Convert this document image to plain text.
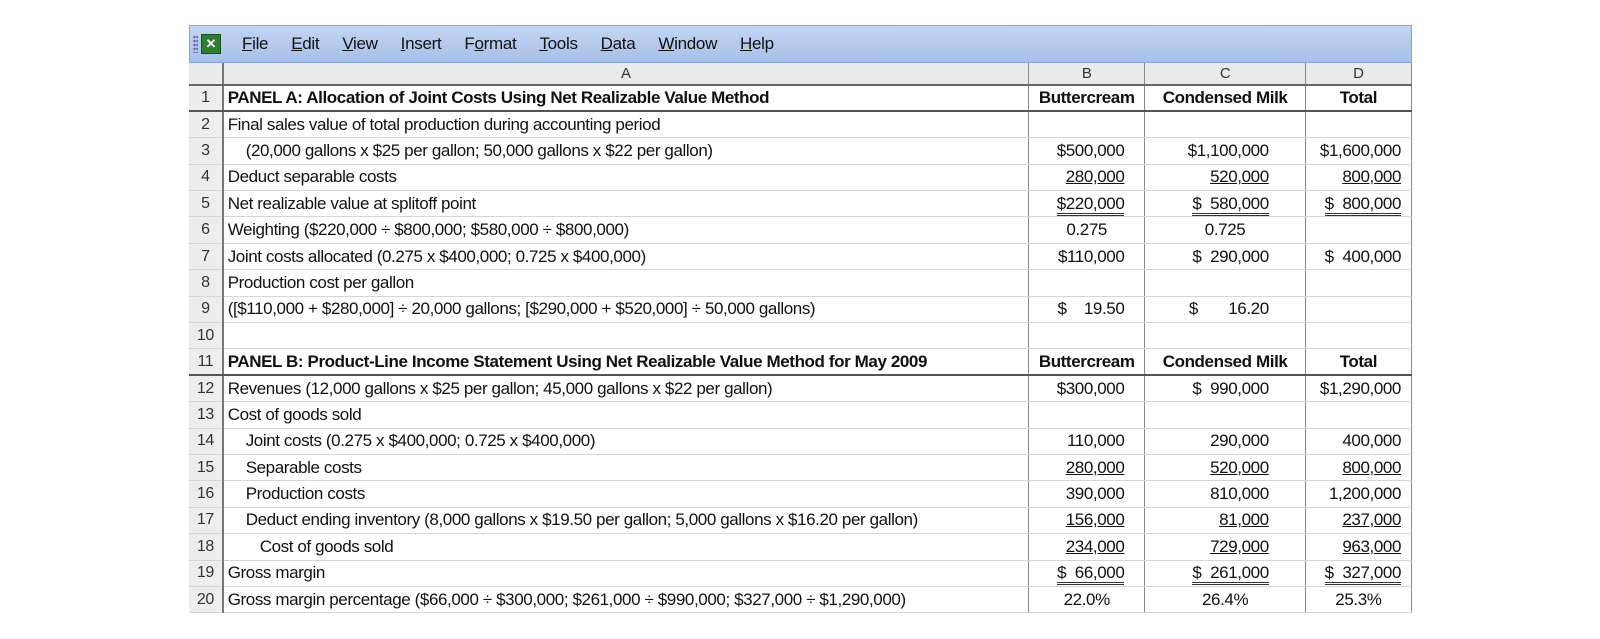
✕ File Edit View Insert Format Tools Data Window Help
	A	B	C	D
1	PANEL A: Allocation of Joint Costs Using Net Realizable Value Method	Buttercream	Condensed Milk	Total
2	Final sales value of total production during accounting period			
3	(20,000 gallons x $25 per gallon; 50,000 gallons x $22 per gallon)	$500,000	$1,100,000	$1,600,000
4	Deduct separable costs	280,000	520,000	800,000
5	Net realizable value at splitoff point	$220,000	$  580,000	$  800,000
6	Weighting ($220,000 ÷ $800,000; $580,000 ÷ $800,000)	0.275	0.725	
7	Joint costs allocated (0.275 x $400,000; 0.725 x $400,000)	$110,000	$  290,000	$  400,000
8	Production cost per gallon			
9	([$110,000 + $280,000] ÷ 20,000 gallons; [$290,000 + $520,000] ÷ 50,000 gallons)	$    19.50	$       16.20	
10				
11	PANEL B: Product-Line Income Statement Using Net Realizable Value Method for May 2009	Buttercream	Condensed Milk	Total
12	Revenues (12,000 gallons x $25 per gallon; 45,000 gallons x $22 per gallon)	$300,000	$  990,000	$1,290,000
13	Cost of goods sold			
14	Joint costs (0.275 x $400,000; 0.725 x $400,000)	110,000	290,000	400,000
15	Separable costs	280,000	520,000	800,000
16	Production costs	390,000	810,000	1,200,000
17	Deduct ending inventory (8,000 gallons x $19.50 per gallon; 5,000 gallons x $16.20 per gallon)	156,000	81,000	237,000
18	Cost of goods sold	234,000	729,000	963,000
19	Gross margin	$  66,000	$  261,000	$  327,000
20	Gross margin percentage ($66,000 ÷ $300,000; $261,000 ÷ $990,000; $327,000 ÷ $1,290,000)	22.0%	26.4%	25.3%
